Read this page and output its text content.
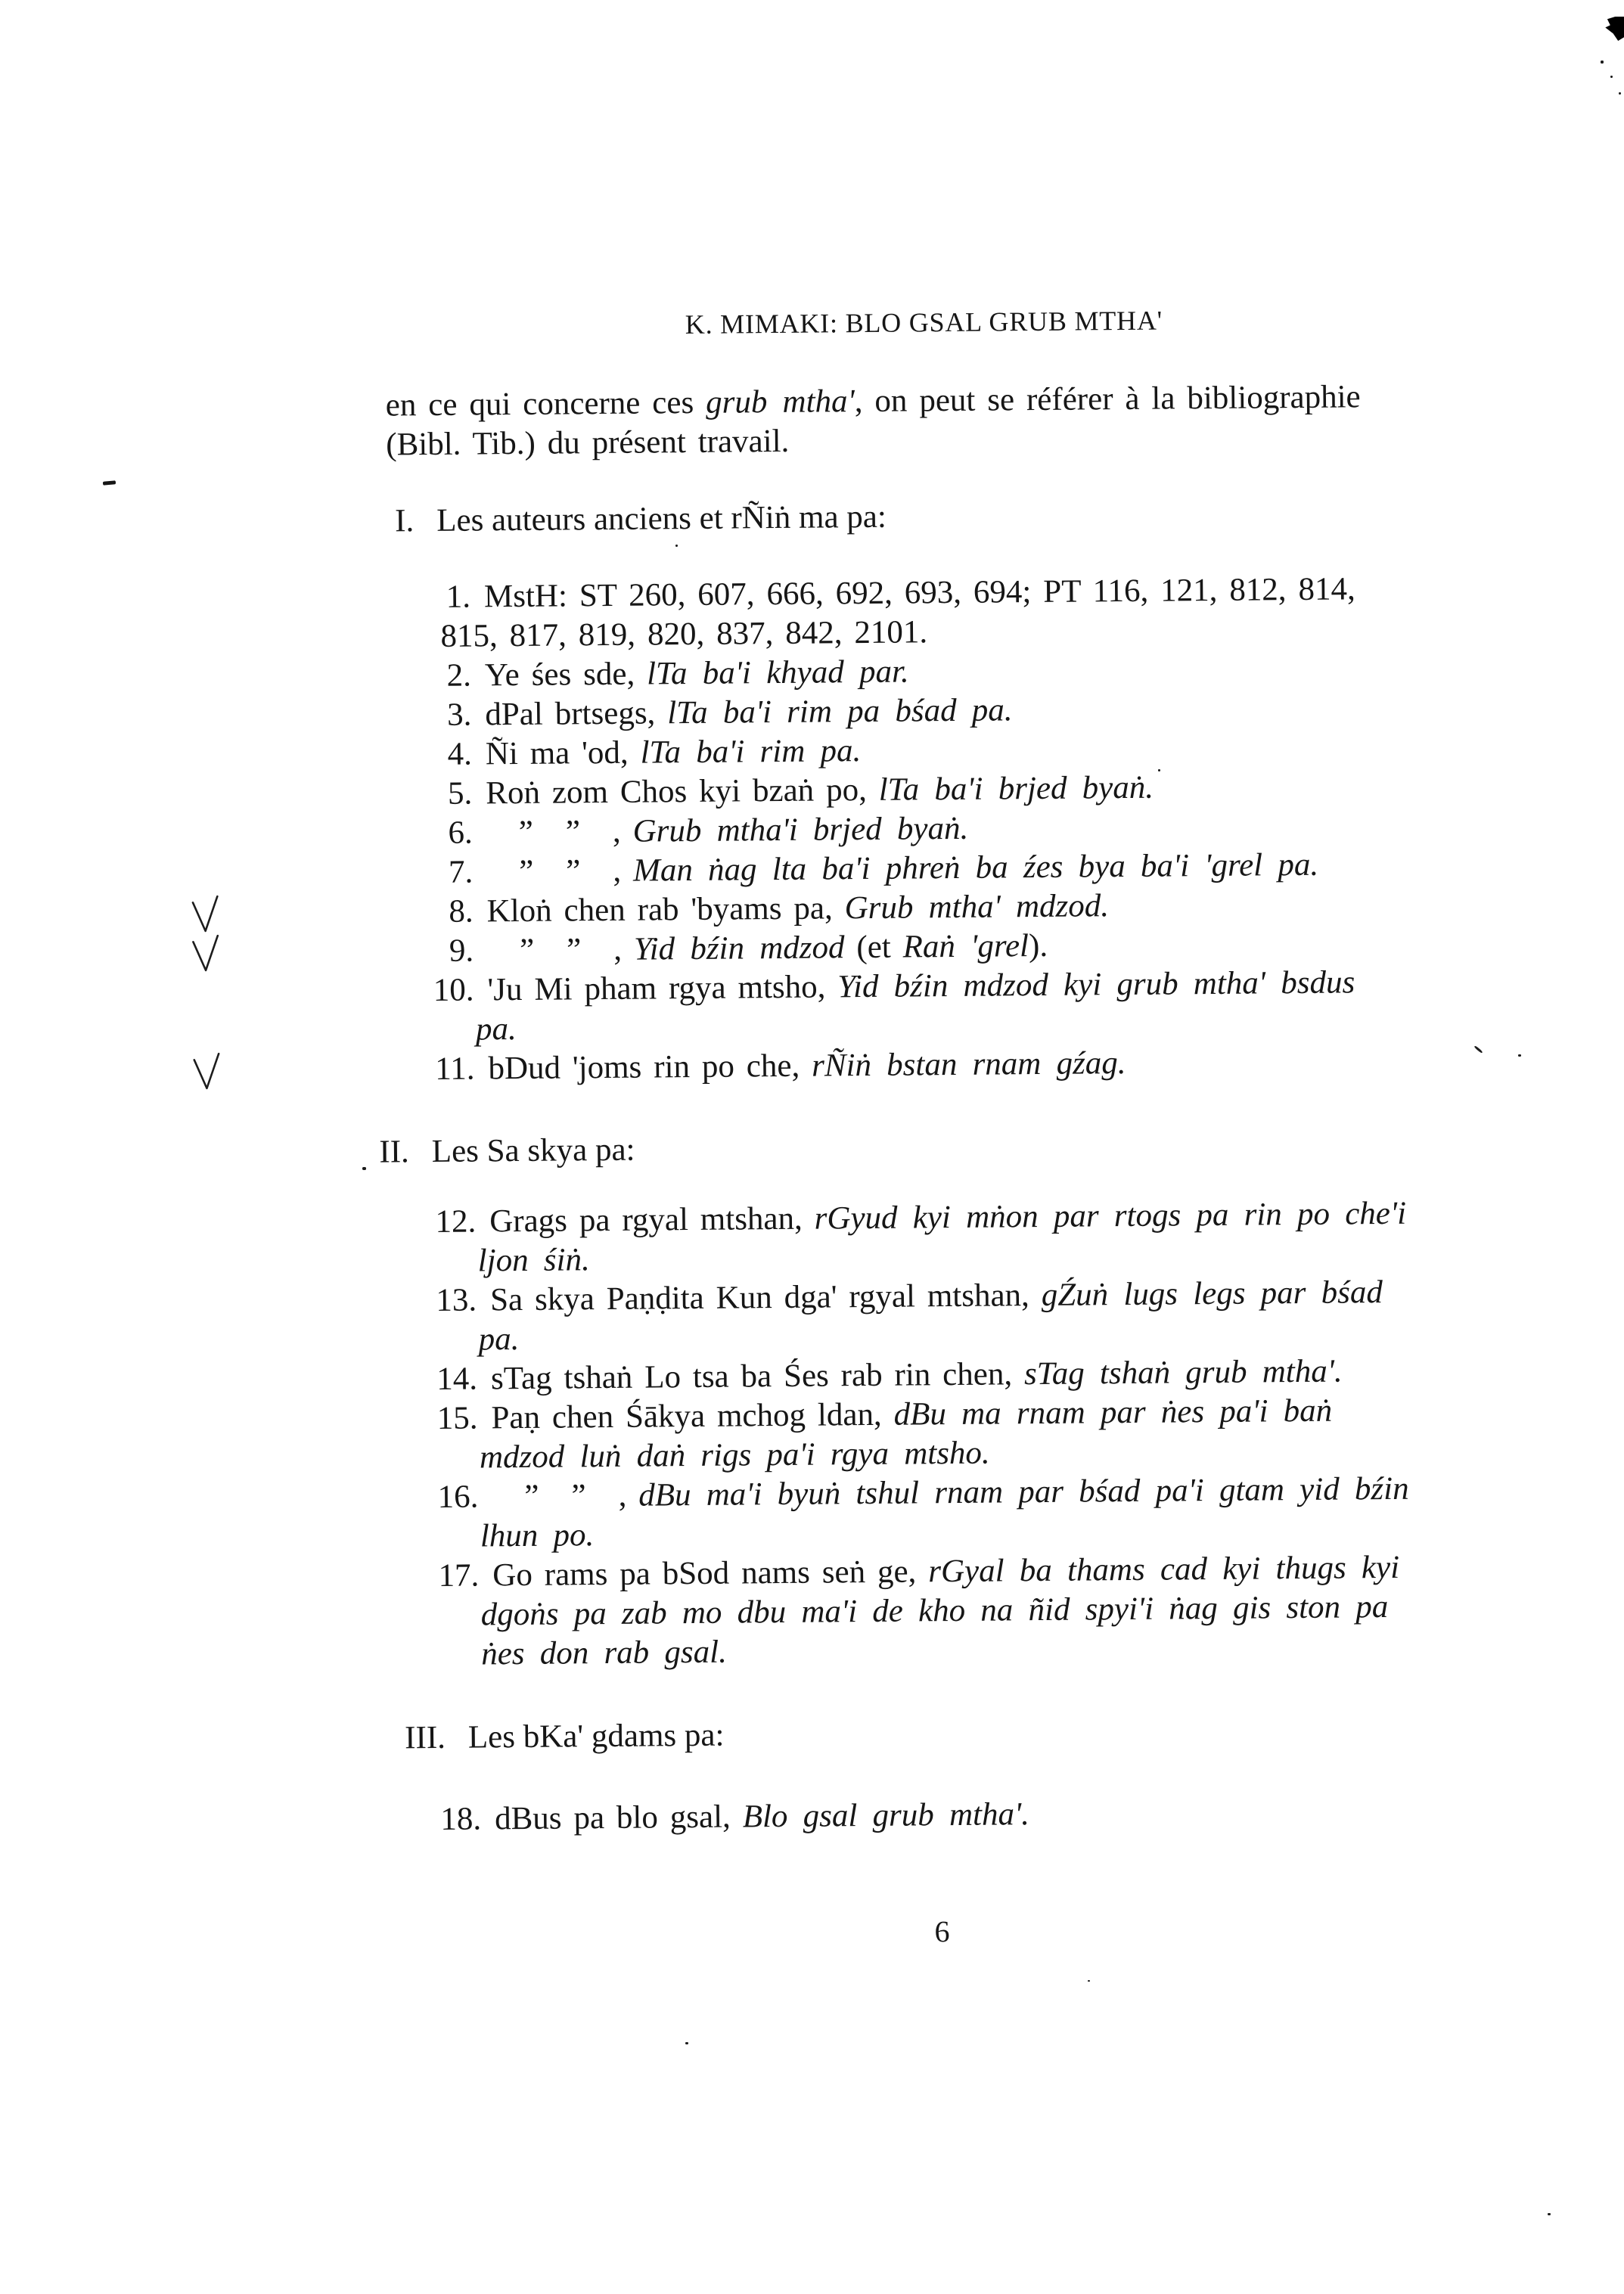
K. MIMAKI: BLO GSAL GRUB MTHA'
en ce qui concerne ces grub mtha', on peut se référer à la bibliographie
(Bibl. Tib.) du présent travail.
I. Les auteurs anciens et rÑiṅ ma pa:
1. MstH: ST 260, 607, 666, 692, 693, 694; PT 116, 121, 812, 814,
815, 817, 819, 820, 837, 842, 2101.
2. Ye śes sde, lTa ba'i khyad par.
3. dPal brtsegs, lTa ba'i rim pa bśad pa.
4. Ñi ma 'od, lTa ba'i rim pa.
5. Roṅ zom Chos kyi bzaṅ po, lTa ba'i brjed byaṅ.
6. ” ” , Grub mtha'i brjed byaṅ.
7. ” ” , Man ṅag lta ba'i phreṅ ba źes bya ba'i 'grel pa.
8. Kloṅ chen rab 'byams pa, Grub mtha' mdzod.
9. ” ” , Yid bźin mdzod (et Raṅ 'grel).
10. 'Ju Mi pham rgya mtsho, Yid bźin mdzod kyi grub mtha' bsdus
pa.
11. bDud 'joms rin po che, rÑiṅ bstan rnam gźag.
II. Les Sa skya pa:
12. Grags pa rgyal mtshan, rGyud kyi mṅon par rtogs pa rin po che'i
ljon śiṅ.
13. Sa skya Paṇḍita Kun dga' rgyal mtshan, gŹuṅ lugs legs par bśad
pa.
14. sTag tshaṅ Lo tsa ba Śes rab rin chen, sTag tshaṅ grub mtha'.
15. Paṇ chen Śākya mchog ldan, dBu ma rnam par ṅes pa'i baṅ
mdzod luṅ daṅ rigs pa'i rgya mtsho.
16. ” ” , dBu ma'i byuṅ tshul rnam par bśad pa'i gtam yid bźin
lhun po.
17. Go rams pa bSod nams seṅ ge, rGyal ba thams cad kyi thugs kyi
dgoṅs pa zab mo dbu ma'i de kho na ñid spyi'i ṅag gis ston pa
ṅes don rab gsal.
III. Les bKa' gdams pa:
18. dBus pa blo gsal, Blo gsal grub mtha'.
6
